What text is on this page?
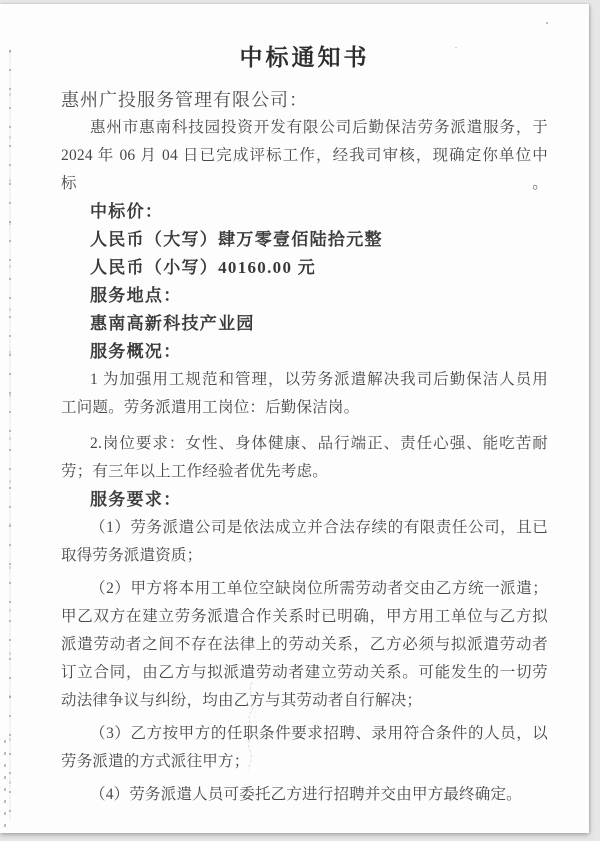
中标通知书
惠州广投服务管理有限公司：
惠州市惠南科技园投资开发有限公司后勤保洁劳务派遣服务，于
2024 年 06 月 04 日已完成评标工作，经我司审核，现确定你单位中标。
中标价：
人民币（大写）肆万零壹佰陆拾元整
人民币（小写）40160.00 元
服务地点：
惠南高新科技产业园
服务概况：
1 为加强用工规范和管理，以劳务派遣解决我司后勤保洁人员用
工问题。劳务派遣用工岗位：后勤保洁岗。
2.岗位要求：女性、身体健康、品行端正、责任心强、能吃苦耐
劳；有三年以上工作经验者优先考虑。
服务要求：
（1）劳务派遣公司是依法成立并合法存续的有限责任公司，且已
取得劳务派遣资质；
（2）甲方将本用工单位空缺岗位所需劳动者交由乙方统一派遣；
甲乙双方在建立劳务派遣合作关系时已明确，甲方用工单位与乙方拟
派遣劳动者之间不存在法律上的劳动关系，乙方必须与拟派遣劳动者
订立合同，由乙方与拟派遣劳动者建立劳动关系。可能发生的一切劳
动法律争议与纠纷，均由乙方与其劳动者自行解决；
（3）乙方按甲方的任职条件要求招聘、录用符合条件的人员，以
劳务派遣的方式派往甲方；
（4）劳务派遣人员可委托乙方进行招聘并交由甲方最终确定。
